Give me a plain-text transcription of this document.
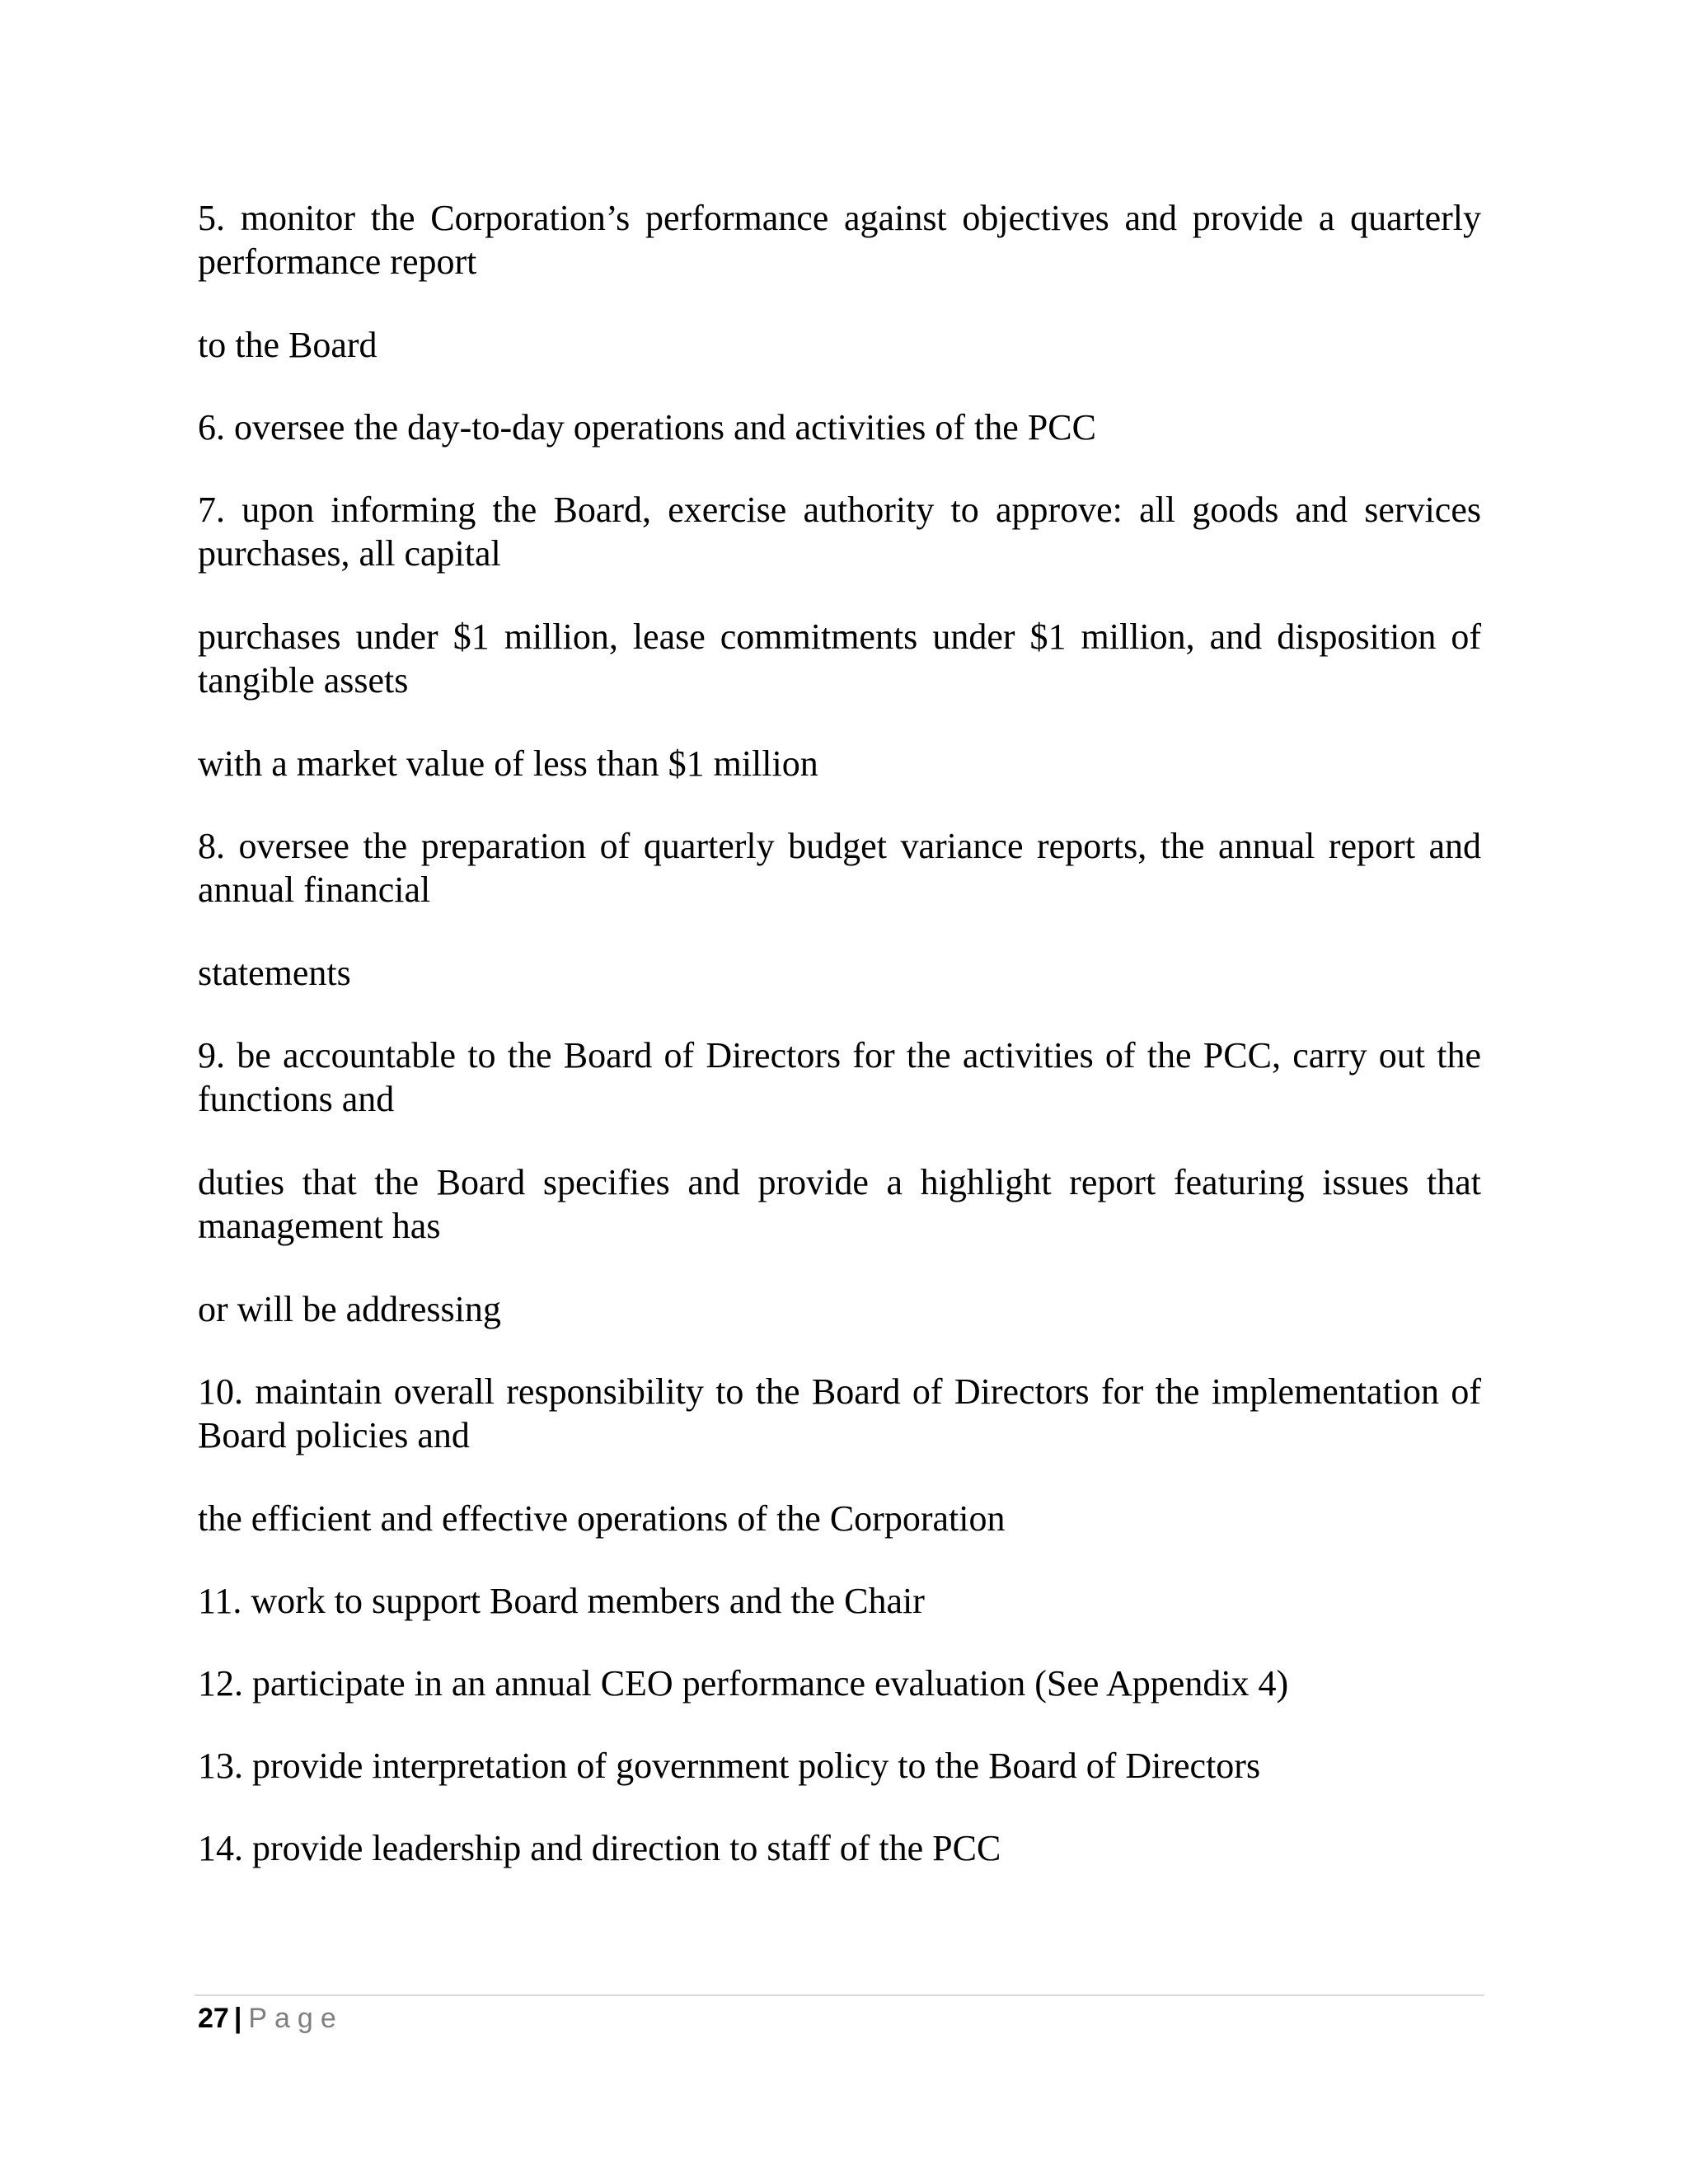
5. monitor the Corporation’s performance against objectives and provide a quarterly performance report

to the Board

6. oversee the day-to-day operations and activities of the PCC

7. upon informing the Board, exercise authority to approve: all goods and services purchases, all capital

purchases under $1 million, lease commitments under $1 million, and disposition of tangible assets

with a market value of less than $1 million

8. oversee the preparation of quarterly budget variance reports, the annual report and annual financial

statements

9. be accountable to the Board of Directors for the activities of the PCC, carry out the functions and

duties that the Board specifies and provide a highlight report featuring issues that management has

or will be addressing

10. maintain overall responsibility to the Board of Directors for the implementation of Board policies and

the efficient and effective operations of the Corporation

11. work to support Board members and the Chair

12. participate in an annual CEO performance evaluation (See Appendix 4)

13. provide interpretation of government policy to the Board of Directors

14. provide leadership and direction to staff of the PCC

27 | Page
